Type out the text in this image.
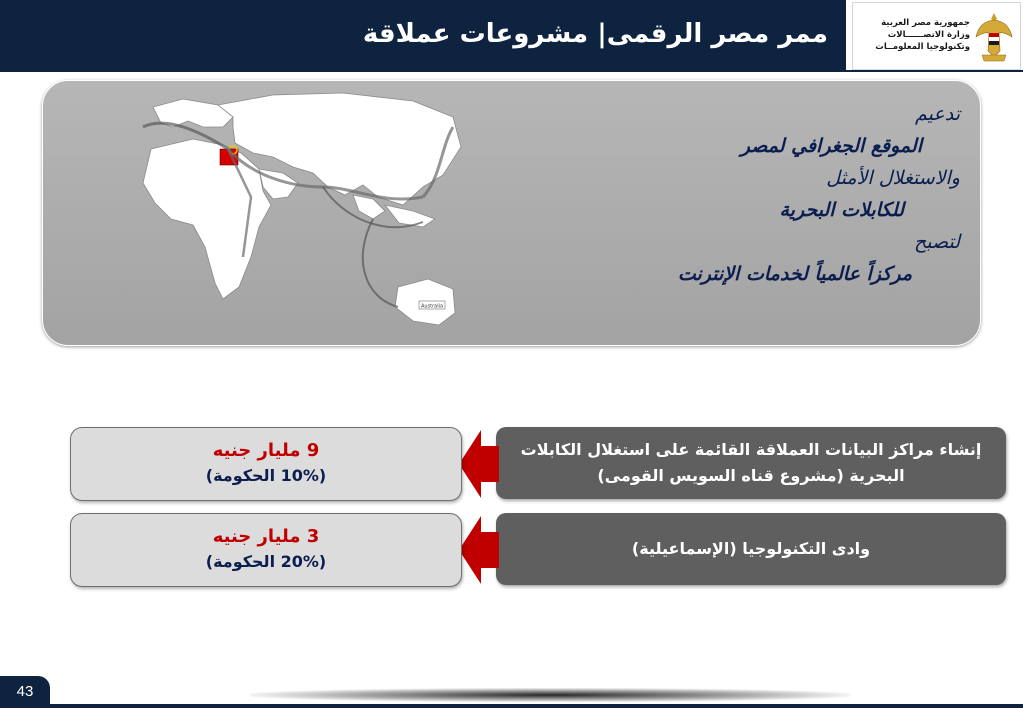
ممر مصر الرقمى| مشروعات عملاقة	جمهورية مصر العربية
وزارة الاتصــــــالات
وتكنولوجيا المعلومــات
Australia
تدعيم
الموقع الجغرافي لمصر
والاستغلال الأمثل
للكابلات البحرية
لتصبح
مركزاً عالمياً لخدمات الإنترنت
إنشاء مراكز البيانات العملاقة القائمة على استغلال الكابلات البحرية (مشروع قناه السويس القومى)
9 مليار جنيه
(10% الحكومة)
وادى التكنولوجيا (الإسماعيلية)
3 مليار جنيه
(20% الحكومة)
43
